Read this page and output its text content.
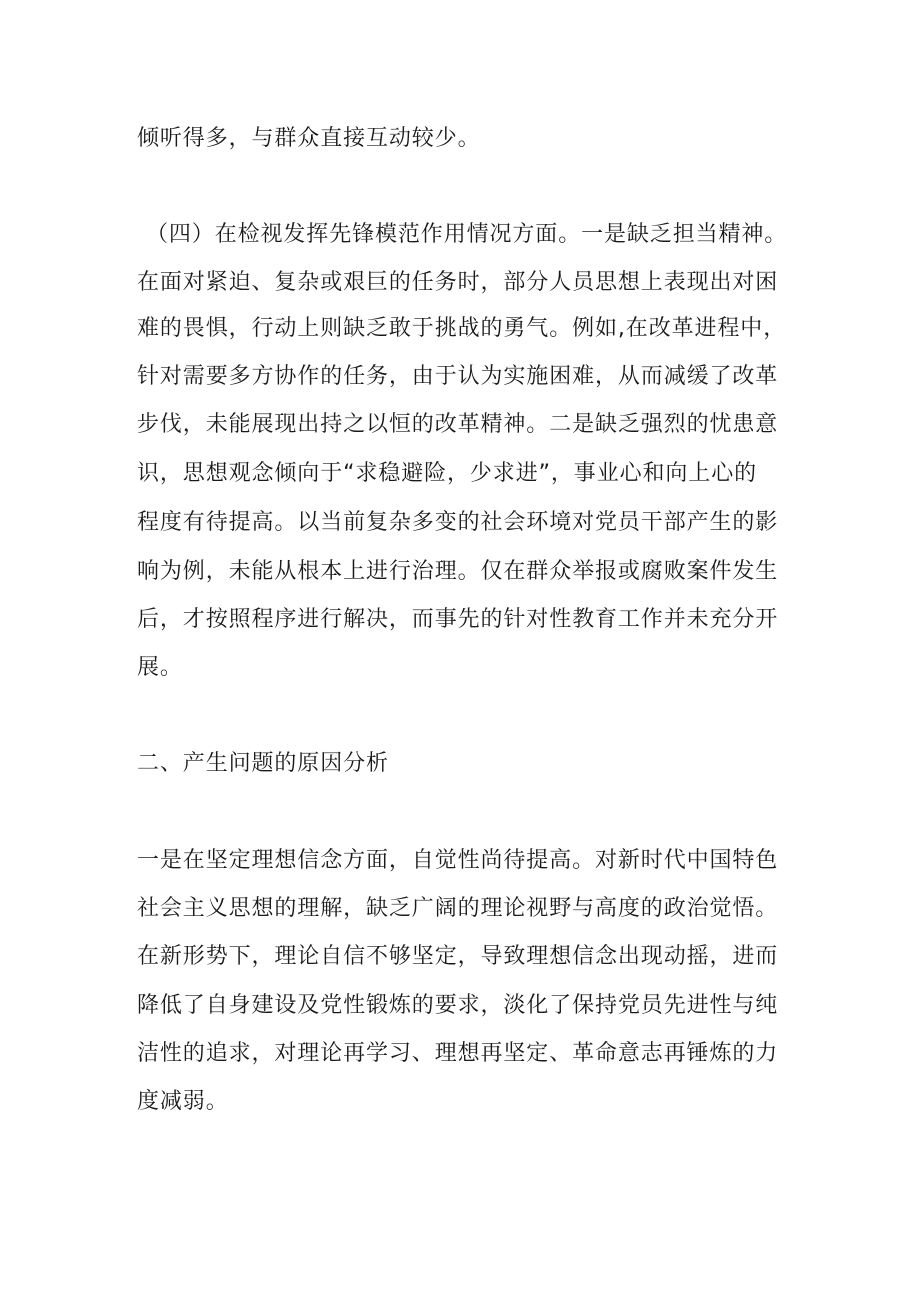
倾听得多，与群众直接互动较少。
（四）在检视发挥先锋模范作用情况方面。一是缺乏担当精神。
在面对紧迫、复杂或艰巨的任务时，部分人员思想上表现出对困
难的畏惧，行动上则缺乏敢于挑战的勇气。例如,在改革进程中，
针对需要多方协作的任务，由于认为实施困难，从而减缓了改革
步伐，未能展现出持之以恒的改革精神。二是缺乏强烈的忧患意
识，思想观念倾向于“求稳避险，少求进”，事业心和向上心的
程度有待提高。以当前复杂多变的社会环境对党员干部产生的影
响为例，未能从根本上进行治理。仅在群众举报或腐败案件发生
后，才按照程序进行解决，而事先的针对性教育工作并未充分开
展。
二、产生问题的原因分析
一是在坚定理想信念方面，自觉性尚待提高。对新时代中国特色
社会主义思想的理解，缺乏广阔的理论视野与高度的政治觉悟。
在新形势下，理论自信不够坚定，导致理想信念出现动摇，进而
降低了自身建设及党性锻炼的要求，淡化了保持党员先进性与纯
洁性的追求，对理论再学习、理想再坚定、革命意志再锤炼的力
度减弱。
